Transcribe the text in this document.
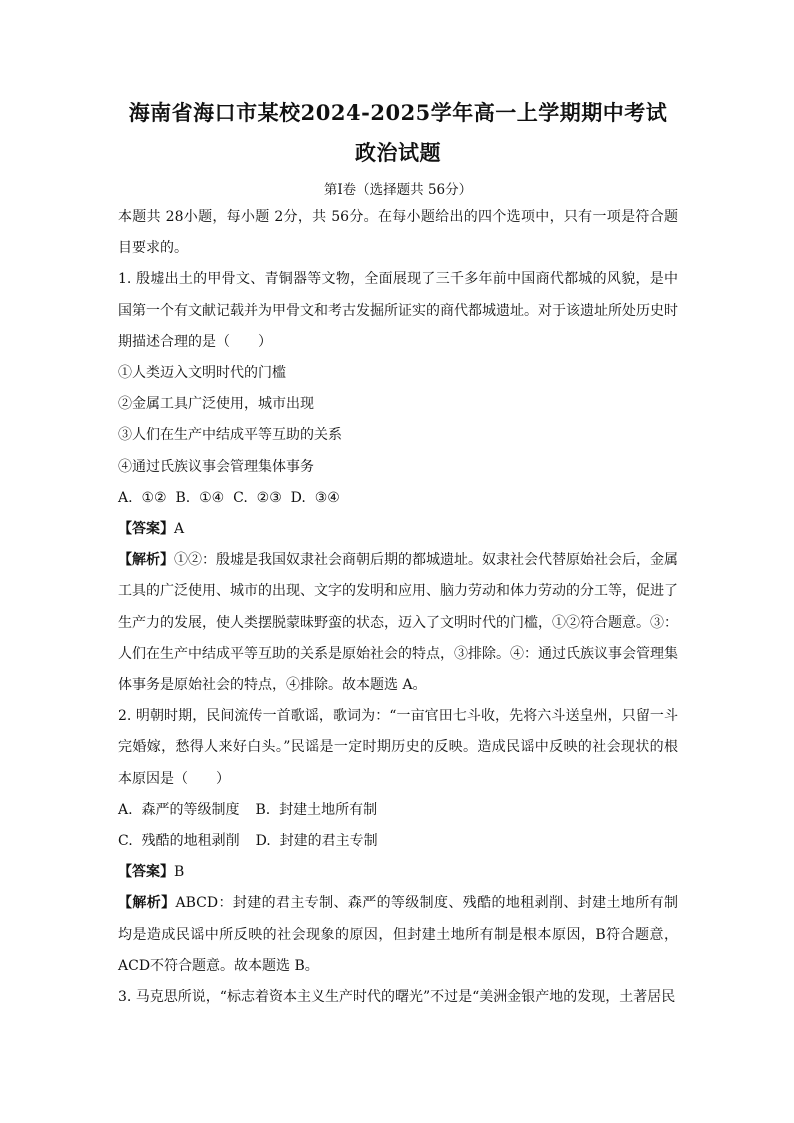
海南省海口市某校2024-2025学年高一上学期期中考试
政治试题
第Ⅰ卷（选择题共 56分）

本题共 28小题，每小题 2分，共 56分。在每小题给出的四个选项中，只有一项是符合题目要求的。

1. 殷墟出土的甲骨文、青铜器等文物，全面展现了三千多年前中国商代都城的风貌，是中国第一个有文献记载并为甲骨文和考古发掘所证实的商代都城遗址。对于该遗址所处历史时期描述合理的是（　　）

①人类迈入文明时代的门槛

②金属工具广泛使用，城市出现

③人们在生产中结成平等互助的关系

④通过氏族议事会管理集体事务

A.  ①②  B.  ①④  C.  ②③  D.  ③④

【答案】A

【解析】①②：殷墟是我国奴隶社会商朝后期的都城遗址。奴隶社会代替原始社会后，金属工具的广泛使用、城市的出现、文字的发明和应用、脑力劳动和体力劳动的分工等，促进了生产力的发展，使人类摆脱蒙昧野蛮的状态，迈入了文明时代的门槛，①②符合题意。③：人们在生产中结成平等互助的关系是原始社会的特点，③排除。④：通过氏族议事会管理集体事务是原始社会的特点，④排除。故本题选 A。

2. 明朝时期，民间流传一首歌谣，歌词为：“一亩官田七斗收，先将六斗送皇州，只留一斗完婚嫁，愁得人来好白头。”民谣是一定时期历史的反映。造成民谣中反映的社会现状的根本原因是（　　）

A.  森严的等级制度 B.  封建土地所有制

C.  残酷的地租剥削 D.  封建的君主专制

【答案】B

【解析】ABCD：封建的君主专制、森严的等级制度、残酷的地租剥削、封建土地所有制均是造成民谣中所反映的社会现象的原因，但封建土地所有制是根本原因，B符合题意，ACD不符合题意。故本题选 B。

3. 马克思所说，“标志着资本主义生产时代的曙光”不过是“美洲金银产地的发现，土著居民
